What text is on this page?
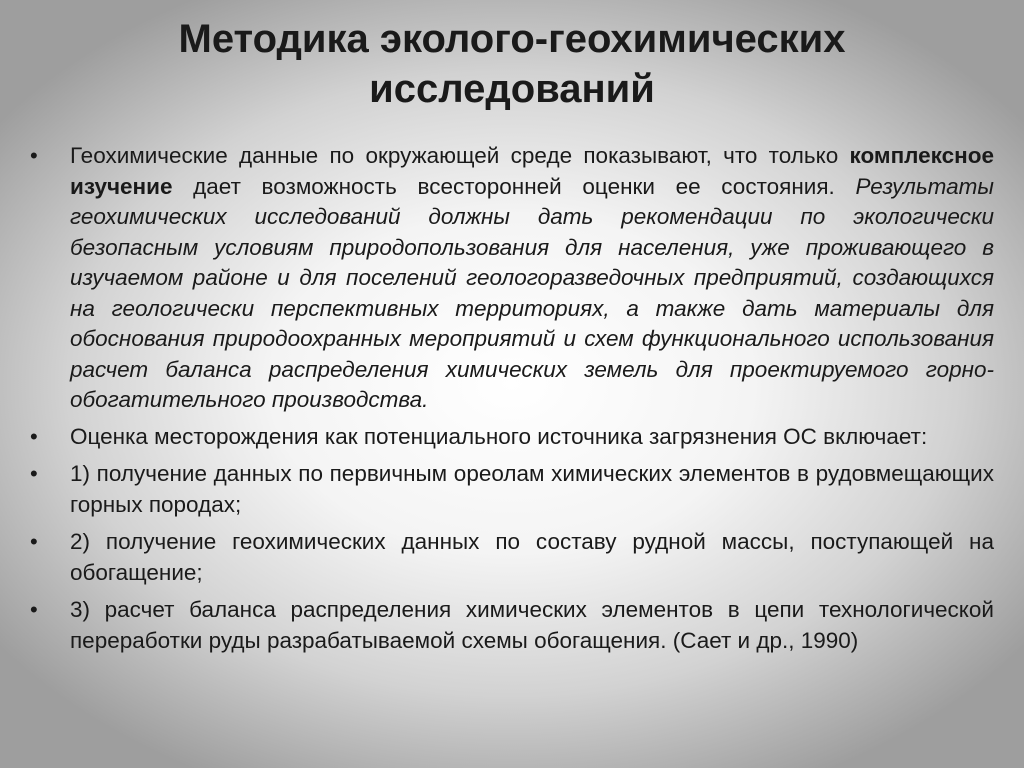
Методика эколого-геохимических
исследований
• Геохимические данные по окружающей среде показывают, что только комплексное изучение дает возможность всесторонней оценки ее состояния. Результаты геохимических исследований должны дать рекомендации по экологически безопасным условиям природопользования для населения, уже проживающего в изучаемом районе и для поселений геологоразведочных предприятий, создающихся на геологически перспективных территориях, а также дать материалы для обоснования природоохранных мероприятий и схем функционального использования расчет баланса распределения химических земель для проектируемого горно-обогатительного производства.
• Оценка месторождения как потенциального источника загрязнения ОС включает:
• 1) получение данных по первичным ореолам химических элементов в рудовмещающих горных породах;
• 2) получение геохимических данных по составу рудной массы, поступающей на обогащение;
• 3) расчет баланса распределения химических элементов в цепи технологической переработки руды разрабатываемой схемы обогащения. (Сает и др., 1990)
